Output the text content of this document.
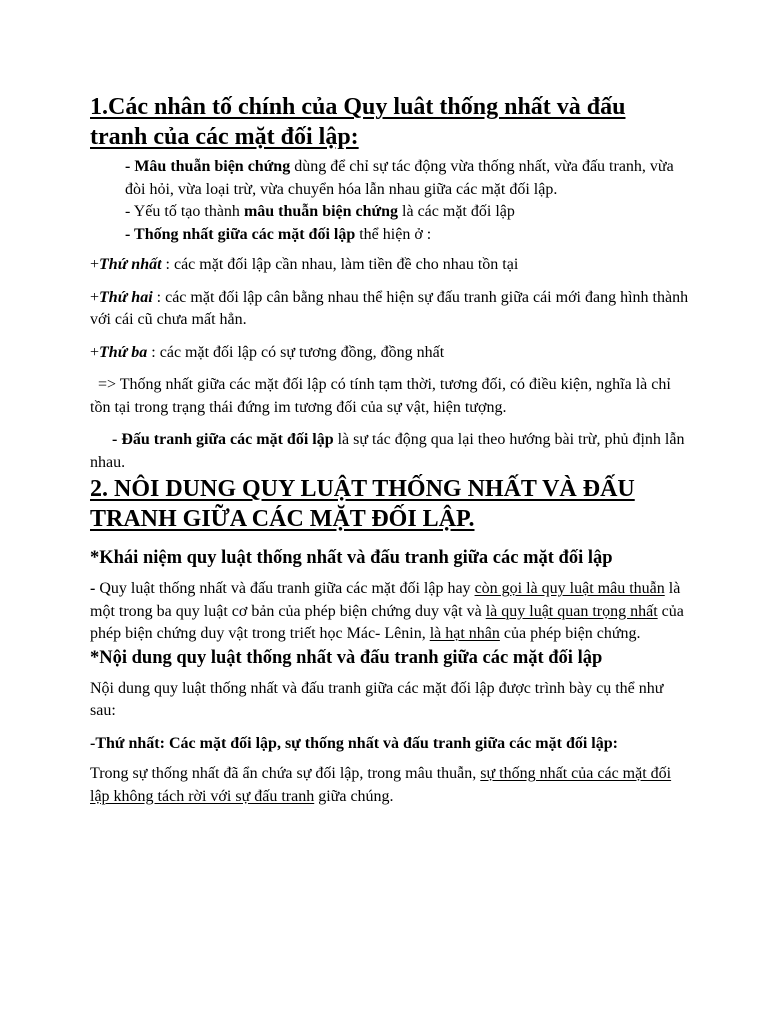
1.Các nhân tố chính của Quy luât thống nhất và đấu
tranh của các mặt đối lập:

- Mâu thuẫn biện chứng dùng để chỉ sự tác động vừa thống nhất, vừa đấu tranh, vừa đòi hỏi, vừa loại trừ, vừa chuyển hóa lẫn nhau giữa các mặt đối lập.

- Yếu tố tạo thành mâu thuẫn biện chứng là các mặt đối lập

- Thống nhất giữa các mặt đối lập thể hiện ở :

+Thứ nhất : các mặt đối lập cần nhau, làm tiền đề cho nhau tồn tại

+Thứ hai : các mặt đối lập cân bằng nhau thể hiện sự đấu tranh giữa cái mới đang hình thành với cái cũ chưa mất hẳn.

+Thứ ba : các mặt đối lập có sự tương đồng, đồng nhất

=> Thống nhất giữa các mặt đối lập có tính tạm thời, tương đối, có điều kiện, nghĩa là chỉ tồn tại trong trạng thái đứng im tương đối của sự vật, hiện tượng.

- Đấu tranh giữa các mặt đối lập là sự tác động qua lại theo hướng bài trừ, phủ định lẫn nhau.

2. NÔI DUNG QUY LUẬT THỐNG NHẤT VÀ ĐẤU
TRANH GIỮA CÁC MẶT ĐỐI LẬP.
*Khái niệm quy luật thống nhất và đấu tranh giữa các mặt đối lập

- Quy luật thống nhất và đấu tranh giữa các mặt đối lập hay còn gọi là quy luật mâu thuẫn là một trong ba quy luật cơ bản của phép biện chứng duy vật và là quy luật quan trọng nhất của phép biện chứng duy vật trong triết học Mác- Lênin, là hạt nhân của phép biện chứng.

*Nội dung quy luật thống nhất và đấu tranh giữa các mặt đối lập

Nội dung quy luật thống nhất và đấu tranh giữa các mặt đối lập được trình bày cụ thể như sau:

-Thứ nhất: Các mặt đối lập, sự thống nhất và đấu tranh giữa các mặt đối lập:

Trong sự thống nhất đã ẩn chứa sự đối lập, trong mâu thuẫn, sự thống nhất của các mặt đối lập không tách rời với sự đấu tranh giữa chúng.
